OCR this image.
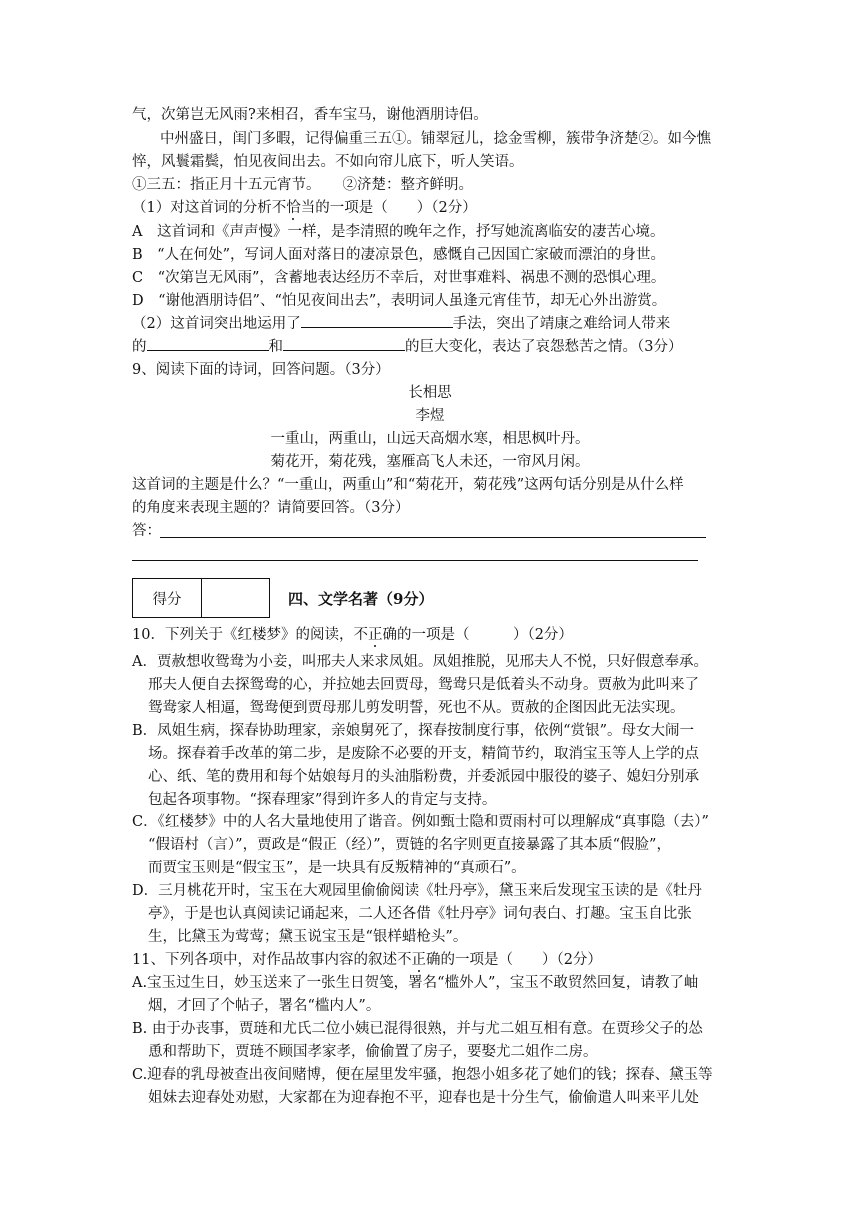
气，次第岂无风雨?来相召，香车宝马，谢他酒朋诗侣。
中州盛日，闺门多暇，记得偏重三五①。铺翠冠儿，捻金雪柳，簇带争济楚②。如今憔
悴，风鬟霜鬓，怕见夜间出去。不如向帘儿底下，听人笑语。
①三五：指正月十五元宵节。 ②济楚：整齐鲜明。
（1）对这首词的分析不恰当的一项是（　　）（2分）
A　这首词和《声声慢》一样，是李清照的晚年之作，抒写她流离临安的凄苦心境。
B　“人在何处”，写词人面对落日的凄凉景色，感慨自己因国亡家破而漂泊的身世。
C　“次第岂无风雨”，含蓄地表达经历不幸后，对世事难料、祸患不测的恐惧心理。
D　“谢他酒朋诗侣”、“怕见夜间出去”，表明词人虽逢元宵佳节，却无心外出游赏。
（2）这首词突出地运用了	手法，突出了靖康之难给词人带来
的	和	的巨大变化，表达了哀怨愁苦之情。（3分）
9、阅读下面的诗词，回答问题。（3分）
长相思
李煜
一重山，两重山，山远天高烟水寒，相思枫叶丹。
菊花开，菊花残，塞雁高飞人未还，一帘风月闲。
这首词的主题是什么？“一重山，两重山”和“菊花开，菊花残”这两句话分别是从什么样
的角度来表现主题的？请简要回答。（3分）
答：
得分	四、文学名著（9分）
10．下列关于《红楼梦》的阅读，不正确的一项是（　　　）（2分）
A．贾赦想收鸳鸯为小妾，叫邢夫人来求凤姐。凤姐推脱，见邢夫人不悦，只好假意奉承。
邢夫人便自去探鸳鸯的心，并拉她去回贾母，鸳鸯只是低着头不动身。贾赦为此叫来了
鸳鸯家人相逼，鸳鸯便到贾母那儿剪发明誓，死也不从。贾赦的企图因此无法实现。
B．凤姐生病，探春协助理家，亲娘舅死了，探春按制度行事，依例“赏银”。母女大闹一
场。探春着手改革的第二步，是废除不必要的开支，精简节约，取消宝玉等人上学的点
心、纸、笔的费用和每个姑娘每月的头油脂粉费，并委派园中服役的婆子、媳妇分别承
包起各项事物。“探春理家”得到许多人的肯定与支持。
C．《红楼梦》中的人名大量地使用了谐音。例如甄士隐和贾雨村可以理解成“真事隐（去）”
“假语村（言）”，贾政是“假正（经）”，贾链的名字则更直接暴露了其本质“假脸”，
而贾宝玉则是“假宝玉”，是一块具有反叛精神的“真顽石”。
D．三月桃花开时，宝玉在大观园里偷偷阅读《牡丹亭》，黛玉来后发现宝玉读的是《牡丹
亭》，于是也认真阅读记诵起来，二人还各借《牡丹亭》词句表白、打趣。宝玉自比张
生，比黛玉为莺莺；黛玉说宝玉是“银样蜡枪头”。
11、下列各项中，对作品故事内容的叙述不正确的一项是（　　）（2分）
A.宝玉过生日，妙玉送来了一张生日贺笺，署名“槛外人”，宝玉不敢贸然回复，请教了岫
烟，才回了个帖子，署名“槛内人”。
B. 由于办丧事，贾琏和尤氏二位小姨已混得很熟，并与尤二姐互相有意。在贾珍父子的怂
恿和帮助下，贾琏不顾国孝家孝，偷偷置了房子，要娶尤二姐作二房。
C.迎春的乳母被查出夜间赌博，便在屋里发牢骚，抱怨小姐多花了她们的钱；探春、黛玉等
姐妹去迎春处劝慰，大家都在为迎春抱不平，迎春也是十分生气，偷偷遣人叫来平儿处
